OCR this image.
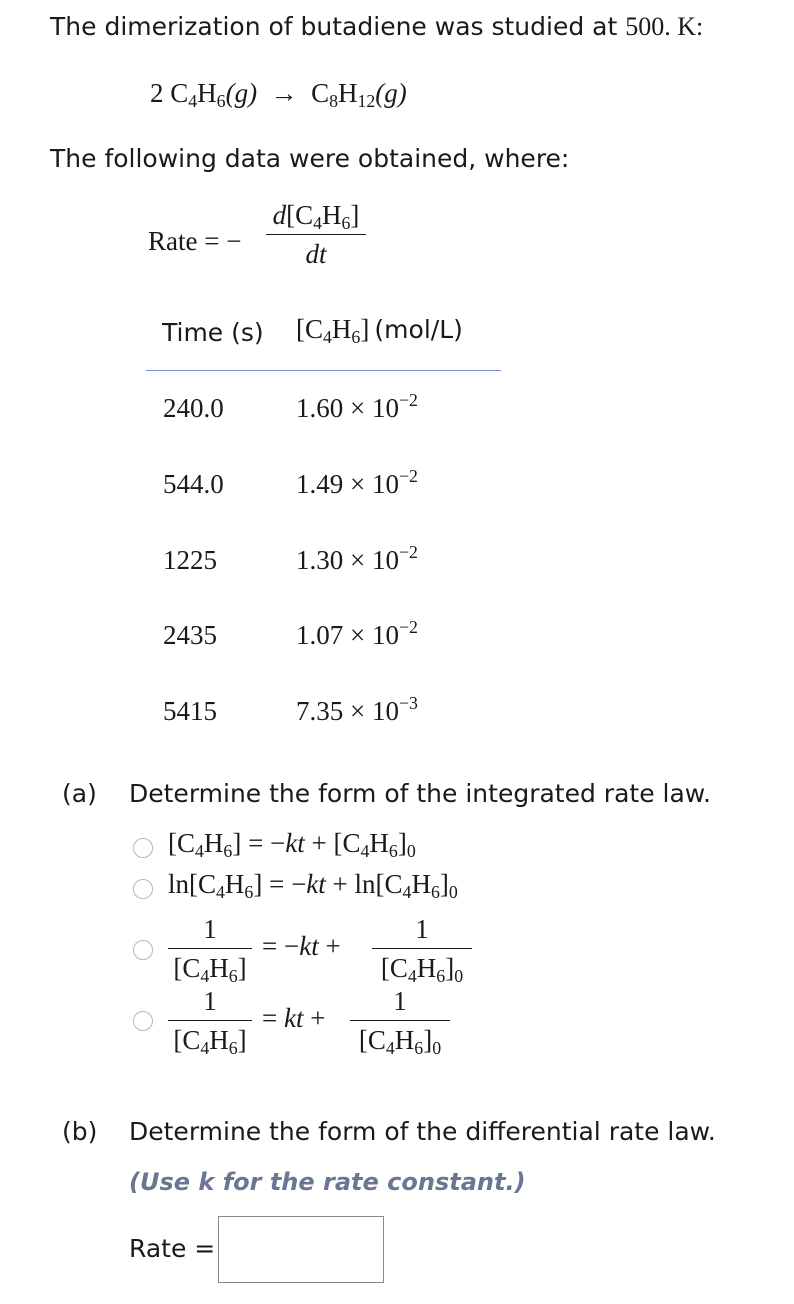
The dimerization of butadiene was studied at 500. K:
2 $C_4H_6(g) \to C_8H_{12}(g)$
The following data were obtained, where:
Rate = −
$d[C_4H_6]$
dt
Time (s) $[C_4H_6]$ (mol/L)
240.0	$1.60 \times 10^{-2}$
544.0	$1.49 \times 10^{-2}$
1225	$1.30 \times 10^{-2}$
2435	$1.07 \times 10^{-2}$
5415	$7.35 \times 10^{-3}$
(a) Determine the form of the integrated rate law.
$[C_4H_6] = -kt + [C_4H_6]_0$
$\ln[C_4H_6] = -kt + \ln[C_4H_6]_0$
1
$[C_4H_6]$
= −kt +
1
$[C_4H_6]_0$
1
$[C_4H_6]$
= kt +
1
$[C_4H_6]_0$
(b) Determine the form of the differential rate law.
(Use k for the rate constant.)
Rate =
